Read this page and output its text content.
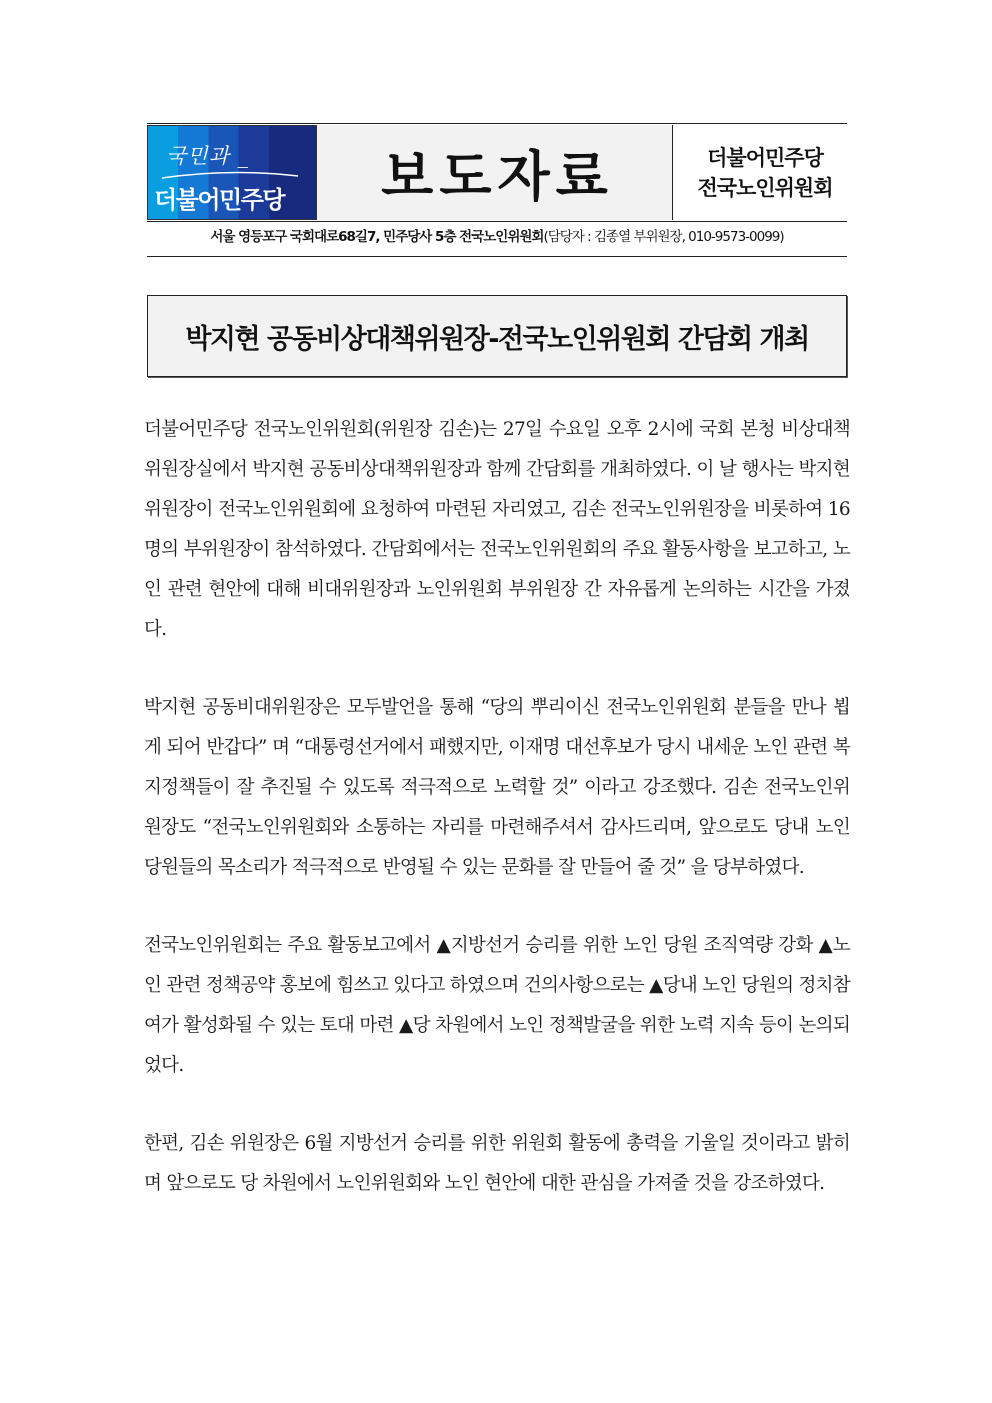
국민과 _
더불어민주당 보도자료	더불어민주당
전국노인위원회
서울 영등포구 국회대로68길7, 민주당사 5층 전국노인위원회(담당자 : 김종열 부위원장, 010-9573-0099)
박지현 공동비상대책위원장-전국노인위원회 간담회 개최

더불어민주당 전국노인위원회(위원장 김손)는 27일 수요일 오후 2시에 국회 본청 비상대책위원장실에서 박지현 공동비상대책위원장과 함께 간담회를 개최하였다. 이 날 행사는 박지현 위원장이 전국노인위원회에 요청하여 마련된 자리였고, 김손 전국노인위원장을 비롯하여 16명의 부위원장이 참석하였다. 간담회에서는 전국노인위원회의 주요 활동사항을 보고하고, 노인 관련 현안에 대해 비대위원장과 노인위원회 부위원장 간 자유롭게 논의하는 시간을 가졌다.

박지현 공동비대위원장은 모두발언을 통해 “당의 뿌리이신 전국노인위원회 분들을 만나 뵙게 되어 반갑다” 며 “대통령선거에서 패했지만, 이재명 대선후보가 당시 내세운 노인 관련 복지정책들이 잘 추진될 수 있도록 적극적으로 노력할 것” 이라고 강조했다. 김손 전국노인위원장도 “전국노인위원회와 소통하는 자리를 마련해주셔서 감사드리며, 앞으로도 당내 노인 당원들의 목소리가 적극적으로 반영될 수 있는 문화를 잘 만들어 줄 것” 을 당부하였다.

전국노인위원회는 주요 활동보고에서 ▲지방선거 승리를 위한 노인 당원 조직역량 강화 ▲노인 관련 정책공약 홍보에 힘쓰고 있다고 하였으며 건의사항으로는 ▲당내 노인 당원의 정치참여가 활성화될 수 있는 토대 마련 ▲당 차원에서 노인 정책발굴을 위한 노력 지속 등이 논의되었다.

한편, 김손 위원장은 6월 지방선거 승리를 위한 위원회 활동에 총력을 기울일 것이라고 밝히며 앞으로도 당 차원에서 노인위원회와 노인 현안에 대한 관심을 가져줄 것을 강조하였다.
